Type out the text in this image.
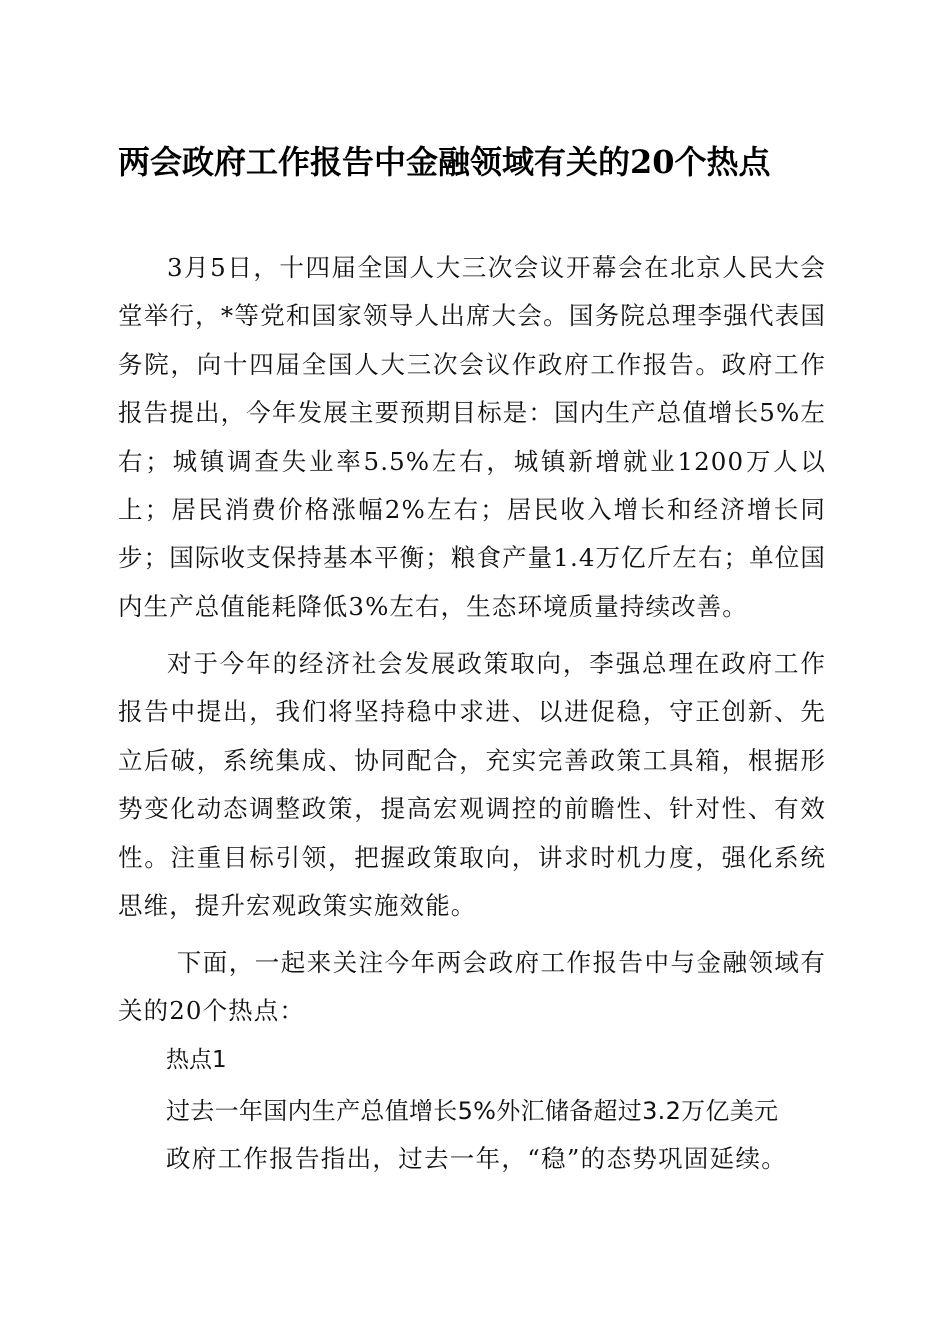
两会政府工作报告中金融领域有关的20个热点

3月5日，十四届全国人大三次会议开幕会在北京人民大会堂举行，*等党和国家领导人出席大会。国务院总理李强代表国务院，向十四届全国人大三次会议作政府工作报告。政府工作报告提出，今年发展主要预期目标是：国内生产总值增长5%左右；城镇调查失业率5.5%左右，城镇新增就业1200万人以上；居民消费价格涨幅2%左右；居民收入增长和经济增长同步；国际收支保持基本平衡；粮食产量1.4万亿斤左右；单位国内生产总值能耗降低3%左右，生态环境质量持续改善。

对于今年的经济社会发展政策取向，李强总理在政府工作报告中提出，我们将坚持稳中求进、以进促稳，守正创新、先立后破，系统集成、协同配合，充实完善政策工具箱，根据形势变化动态调整政策，提高宏观调控的前瞻性、针对性、有效性。注重目标引领，把握政策取向，讲求时机力度，强化系统思维，提升宏观政策实施效能。

下面，一起来关注今年两会政府工作报告中与金融领域有关的20个热点：

热点1
过去一年国内生产总值增长5%外汇储备超过3.2万亿美元
政府工作报告指出，过去一年，“稳”的态势巩固延续。
